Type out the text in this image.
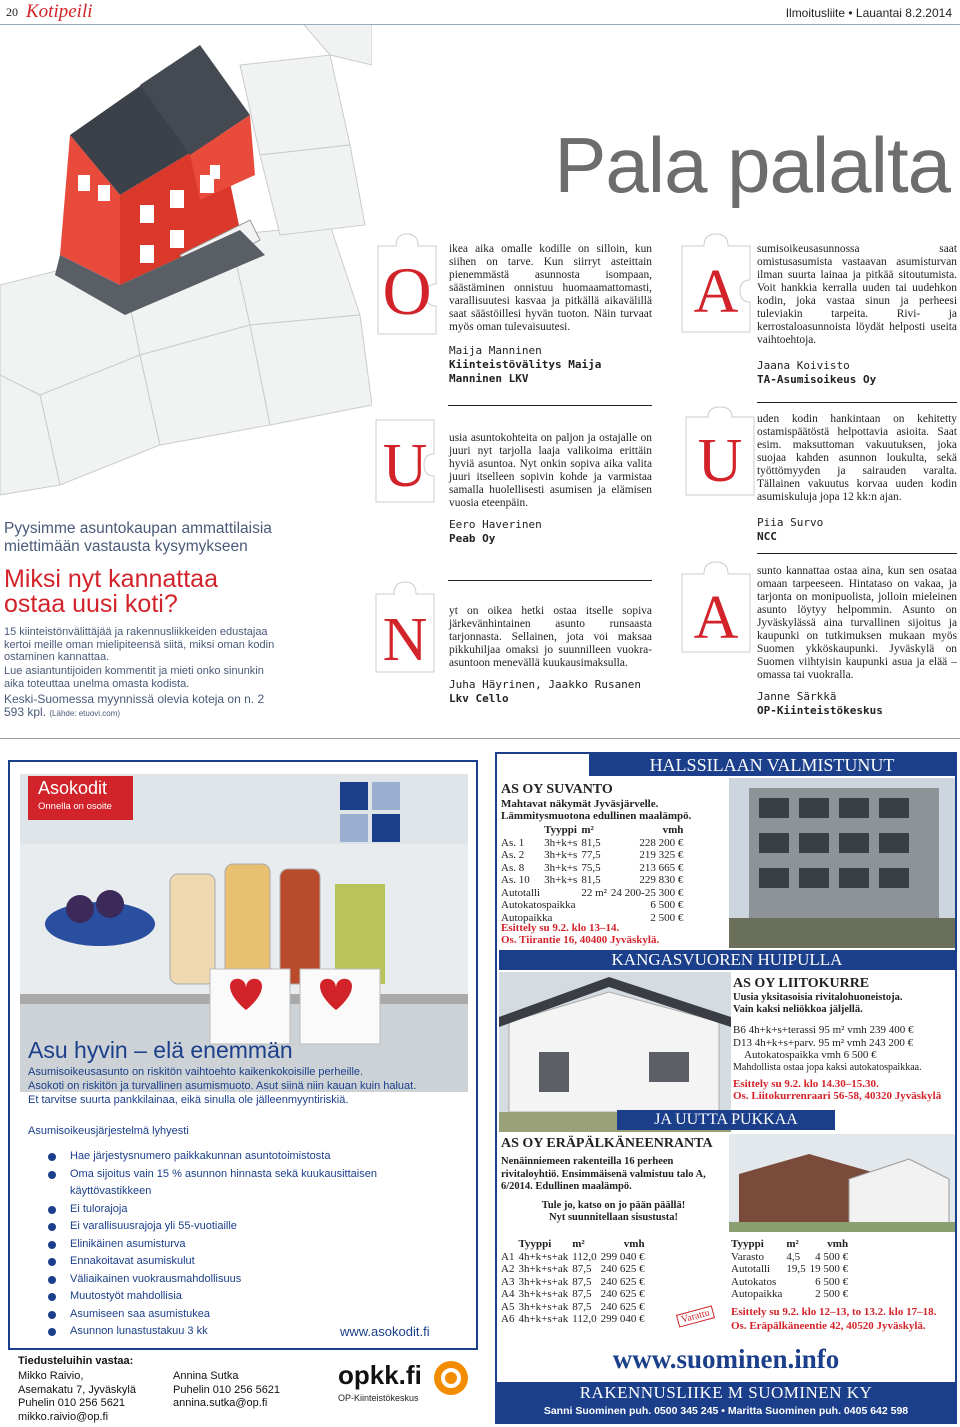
20 Kotipeili	Ilmoitusliite • Lauantai 8.2.2014
Pala palalta
Pyysimme asuntokaupan ammattilaisia miettimään vastausta kysymykseen
Miksi nyt kannattaa ostaa uusi koti?
15 kiinteistönvälittäjää ja rakennusliikkeiden edustajaa kertoi meille oman mielipiteensä siitä, miksi oman kodin ostaminen kannattaa.
Lue asiantuntijoiden kommentit ja mieti onko sinunkin aika toteuttaa unelma omasta kodista.
Keski-Suomessa myynnissä olevia koteja on n. 2 593 kpl. (Lähde: etuovi.com)
O	A
U	U
N	A

ikea aika omalle kodille on silloin, kun siihen on tarve. Kun siirryt asteittain pienemmästä asunnosta isompaan, säästäminen onnistuu huomaamattomasti, varallisuutesi kasvaa ja pitkällä aikavälillä saat säästöillesi hyvän tuoton. Näin turvaat myös oman tulevaisuutesi.

Maija Manninen
Kiinteistövälitys Maija Manninen LKV

sumisoikeusasunnossa saat omistusasumista vastaavan asumisturvan ilman suurta lainaa ja pitkää sitoutumista. Voit hankkia kerralla uuden tai uudehkon kodin, joka vastaa sinun ja perheesi tuleviakin tarpeita. Rivi- ja kerrostaloasunnoista löydät helposti useita vaihtoehtoja.

Jaana Koivisto
TA-Asumisoikeus Oy

usia asuntokohteita on paljon ja ostajalle on juuri nyt tarjolla laaja valikoima erittäin hyviä asuntoa. Nyt onkin sopiva aika valita juuri itselleen sopivin kohde ja varmistaa samalla huolellisesti asumisen ja elämisen vuosia eteenpäin.

Eero Haverinen
Peab Oy

uden kodin hankintaan on kehitetty ostamispäätöstä helpottavia asioita. Saat esim. maksuttoman vakuutuksen, joka suojaa kahden asunnon loukulta, sekä työttömyyden ja sairauden varalta. Tällainen vakuutus korvaa uuden kodin asumiskuluja jopa 12 kk:n ajan.

Piia Survo
NCC

yt on oikea hetki ostaa itselle sopiva järkevänhintainen asunto runsaasta tarjonnasta. Sellainen, jota voi maksaa pikkuhiljaa omaksi jo suunnilleen vuokra-asuntoon menevällä kuukausimaksulla.

Juha Häyrinen, Jaakko Rusanen
Lkv Cello

sunto kannattaa ostaa aina, kun sen osataa omaan tarpeeseen. Hintataso on vakaa, ja tarjonta on monipuolista, jolloin mieleinen asunto löytyy helpommin. Asunto on Jyväskylässä aina turvallinen sijoitus ja kaupunki on tutkimuksen mukaan myös Suomen ykköskaupunki. Jyväskylä on Suomen viihtyisin kaupunki asua ja elää – omassa tai vuokralla.

Janne Särkkä
OP-Kiinteistökeskus
Asokodit
Onnella on osoite
Asu hyvin – elä enemmän
Asumisoikeusasunto on riskitön vaihtoehto kaikenkokoisille perheille.
Asokoti on riskitön ja turvallinen asumismuoto. Asut siinä niin kauan kuin haluat.
Et tarvitse suurta pankkilainaa, eikä sinulla ole jälleenmyyntiriskiä.
Asumisoikeusjärjestelmä lyhyesti
Hae järjestysnumero paikkakunnan asuntotoimistosta
Oma sijoitus vain 15 % asunnon hinnasta sekä kuukausittaisen käyttövastikkeen
Ei tulorajoja
Ei varallisuusrajoja yli 55-vuotiaille
Elinikäinen asumisturva
Ennakoitavat asumiskulut
Väliaikainen vuokrausmahdollisuus
Muutostyöt mahdollisia
Asumiseen saa asumistukea
Asunnon lunastustakuu 3 kk	www.asokodit.fi
Tiedusteluihin vastaa:
Mikko Raivio,
Asemakatu 7, Jyväskylä
Puhelin 010 256 5621
mikko.raivio@op.fi
Annina Sutka
Puhelin 010 256 5621
annina.sutka@op.fi
opkk.fi
OP-Kiinteistökeskus
HALSSILAAN VALMISTUNUT
AS OY SUVANTO
Mahtavat näkymät Jyväsjärvelle.
Lämmitysmuotona edullinen maalämpö.
	Tyyppi	m²	vmh
As. 1	3h+k+s	81,5	228 200 €
As. 2	3h+k+s	77,5	219 325 €
As. 8	3h+k+s	75,5	213 665 €
As. 10	3h+k+s	81,5	229 830 €
Autotalli		22 m²	24 200-25 300 €
Autokatospaikka			6 500 €
Autopaikka			2 500 €
Esittely su 9.2. klo 13–14.
Os. Tiirantie 16, 40400 Jyväskylä.
KANGASVUOREN HUIPULLA
AS OY LIITOKURRE
Uusia yksitasoisia rivitalohuoneistoja.
Vain kaksi neliökkoa jäljellä.
B6 4h+k+s+terassi 95 m² vmh 239 400 €
D13 4h+k+s+parv. 95 m² vmh 243 200 €
Autokatospaikka vmh 6 500 €
Mahdollista ostaa jopa kaksi autokatospaikkaa.
Esittely su 9.2. klo 14.30–15.30.
Os. Liitokurrenraari 56-58, 40320 Jyväskylä
JA UUTTA PUKKAA
AS OY ERÄPÄLKÄNEENRANTA
Nenäinniemeen rakenteilla 16 perheen rivitaloyhtiö. Ensimmäisenä valmistuu talo A, 6/2014. Edullinen maalämpö.
Tule jo, katso on jo pään päällä!
Nyt suunnitellaan sisustusta!
	Tyyppi	m²	vmh
A1	4h+k+s+ak	112,0	299 040 €
A2	3h+k+s+ak	87,5	240 625 €
A3	3h+k+s+ak	87,5	240 625 €
A4	3h+k+s+ak	87,5	240 625 €
A5	3h+k+s+ak	87,5	240 625 €
A6	4h+k+s+ak	112,0	299 040 €	Varattu
Tyyppi	m²	vmh
Varasto	4,5	4 500 €
Autotalli	19,5	19 500 €
Autokatos		6 500 €
Autopaikka		2 500 €
Esittely su 9.2. klo 12–13, to 13.2. klo 17–18.
Os. Eräpälkäneentie 42, 40520 Jyväskylä.
www.suominen.info
RAKENNUSLIIKE M SUOMINEN KY
Sanni Suominen puh. 0500 345 245 • Maritta Suominen puh. 0405 642 598
